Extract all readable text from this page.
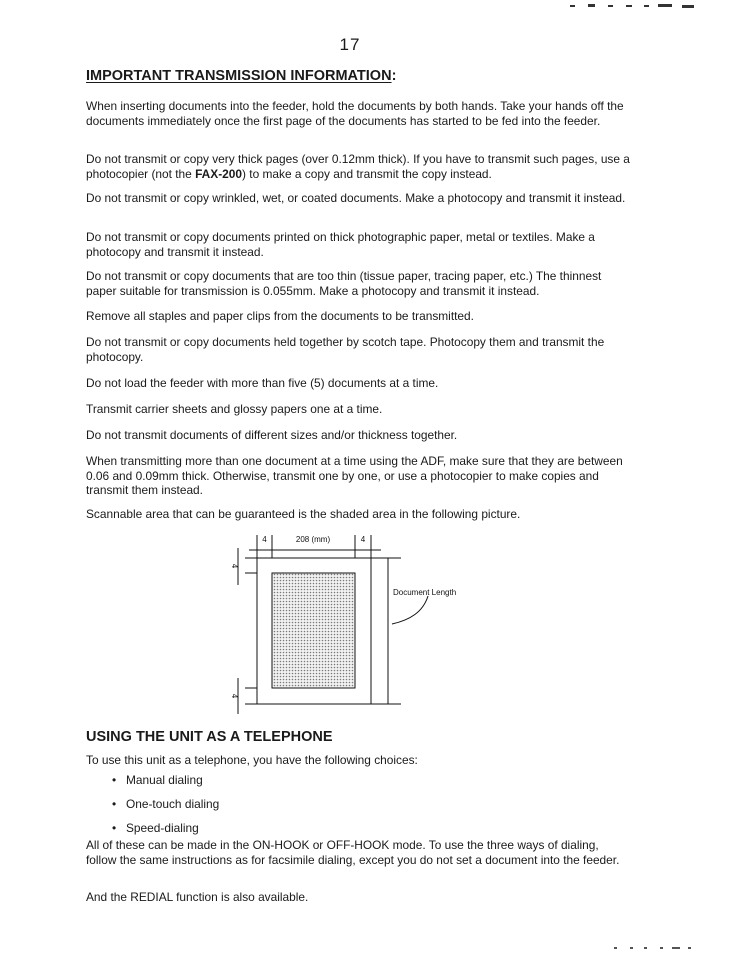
17
IMPORTANT TRANSMISSION INFORMATION:
When inserting documents into the feeder, hold the documents by both hands. Take your hands off the documents immediately once the first page of the documents has started to be fed into the feeder.
Do not transmit or copy very thick pages (over 0.12mm thick). If you have to transmit such pages, use a photocopier (not the FAX-200) to make a copy and transmit the copy instead.
Do not transmit or copy wrinkled, wet, or coated documents. Make a photocopy and transmit it instead.
Do not transmit or copy documents printed on thick photographic paper, metal or textiles. Make a photocopy and transmit it instead.
Do not transmit or copy documents that are too thin (tissue paper, tracing paper, etc.) The thinnest paper suitable for transmission is 0.055mm. Make a photocopy and transmit it instead.
Remove all staples and paper clips from the documents to be transmitted.
Do not transmit or copy documents held together by scotch tape. Photocopy them and transmit the photocopy.
Do not load the feeder with more than five (5) documents at a time.
Transmit carrier sheets and glossy papers one at a time.
Do not transmit documents of different sizes and/or thickness together.
When transmitting more than one document at a time using the ADF, make sure that they are between 0.06 and 0.09mm thick. Otherwise, transmit one by one, or use a photocopier to make copies and transmit them instead.
Scannable area that can be guaranteed is the shaded area in the following picture.
4	208 (mm)	4
4
4
Document Length
USING THE UNIT AS A TELEPHONE
To use this unit as a telephone, you have the following choices:
• Manual dialing
• One-touch dialing
• Speed-dialing
All of these can be made in the ON-HOOK or OFF-HOOK mode. To use the three ways of dialing, follow the same instructions as for facsimile dialing, except you do not set a document into the feeder.
And the REDIAL function is also available.
